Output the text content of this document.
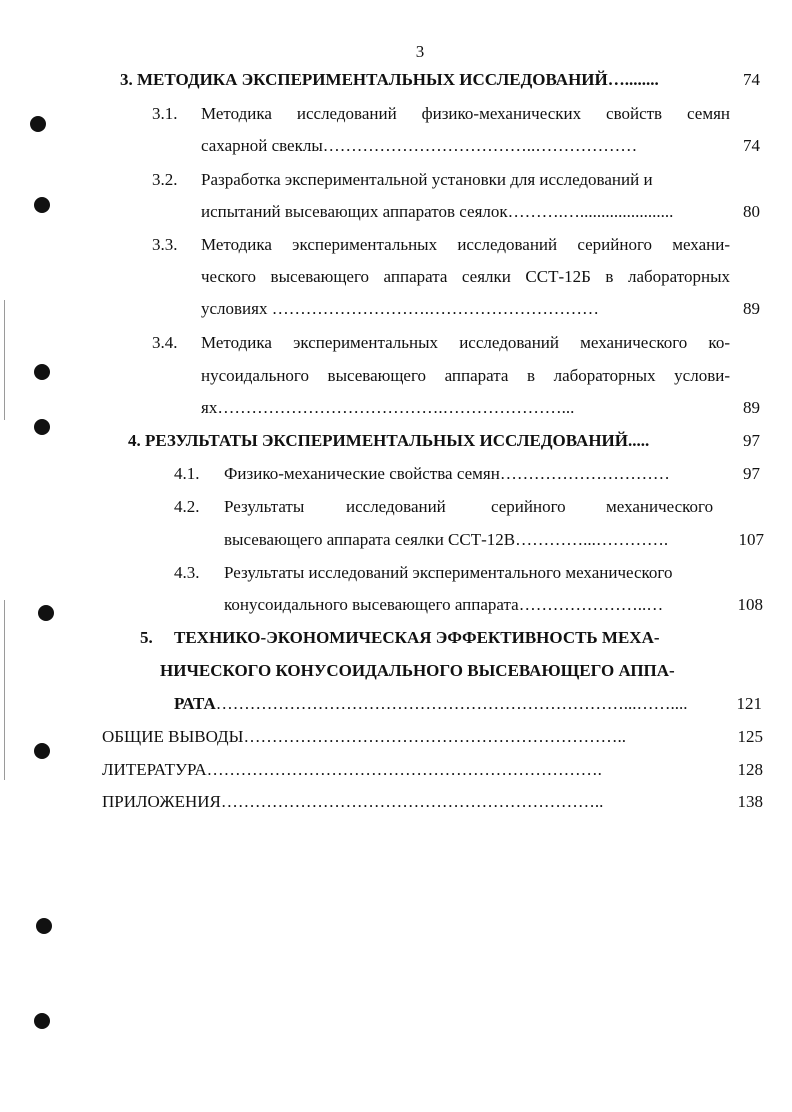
3
3. МЕТОДИКА ЭКСПЕРИМЕНТАЛЬНЫХ ИССЛЕДОВАНИЙ…........	74
3.1. Методика исследований физико-механических свойств семян
сахарной свеклы………………………………..………………	74
3.2. Разработка экспериментальной установки для исследований и
испытаний высевающих аппаратов сеялок……….…......................	80
3.3. Методика экспериментальных исследований серийного механи-
ческого высевающего аппарата сеялки ССТ-12Б в лабораторных
условиях ……………………….…………………………	89
3.4. Методика экспериментальных исследований механического ко-
нусоидального высевающего аппарата в лабораторных услови-
ях………………………………….…………………...	89
4. РЕЗУЛЬТАТЫ ЭКСПЕРИМЕНТАЛЬНЫХ ИССЛЕДОВАНИЙ.....	97
4.1. Физико-механические свойства семян…………………………	97
4.2. Результаты исследований	серийного механического
высевающего аппарата сеялки ССТ-12В…………...………….	107
4.3. Результаты исследований экспериментального механического
конусоидального высевающего аппарата…………………..…	108
5. ТЕХНИКО-ЭКОНОМИЧЕСКАЯ ЭФФЕКТИВНОСТЬ МЕХА-
НИЧЕСКОГО КОНУСОИДАЛЬНОГО ВЫСЕВАЮЩЕГО АППА-
РАТА………………………………………………………………...……....	121
ОБЩИЕ ВЫВОДЫ…………………………………………………………..	125
ЛИТЕРАТУРА…………………………………………………………….	128
ПРИЛОЖЕНИЯ…………………………………………………………..	138
